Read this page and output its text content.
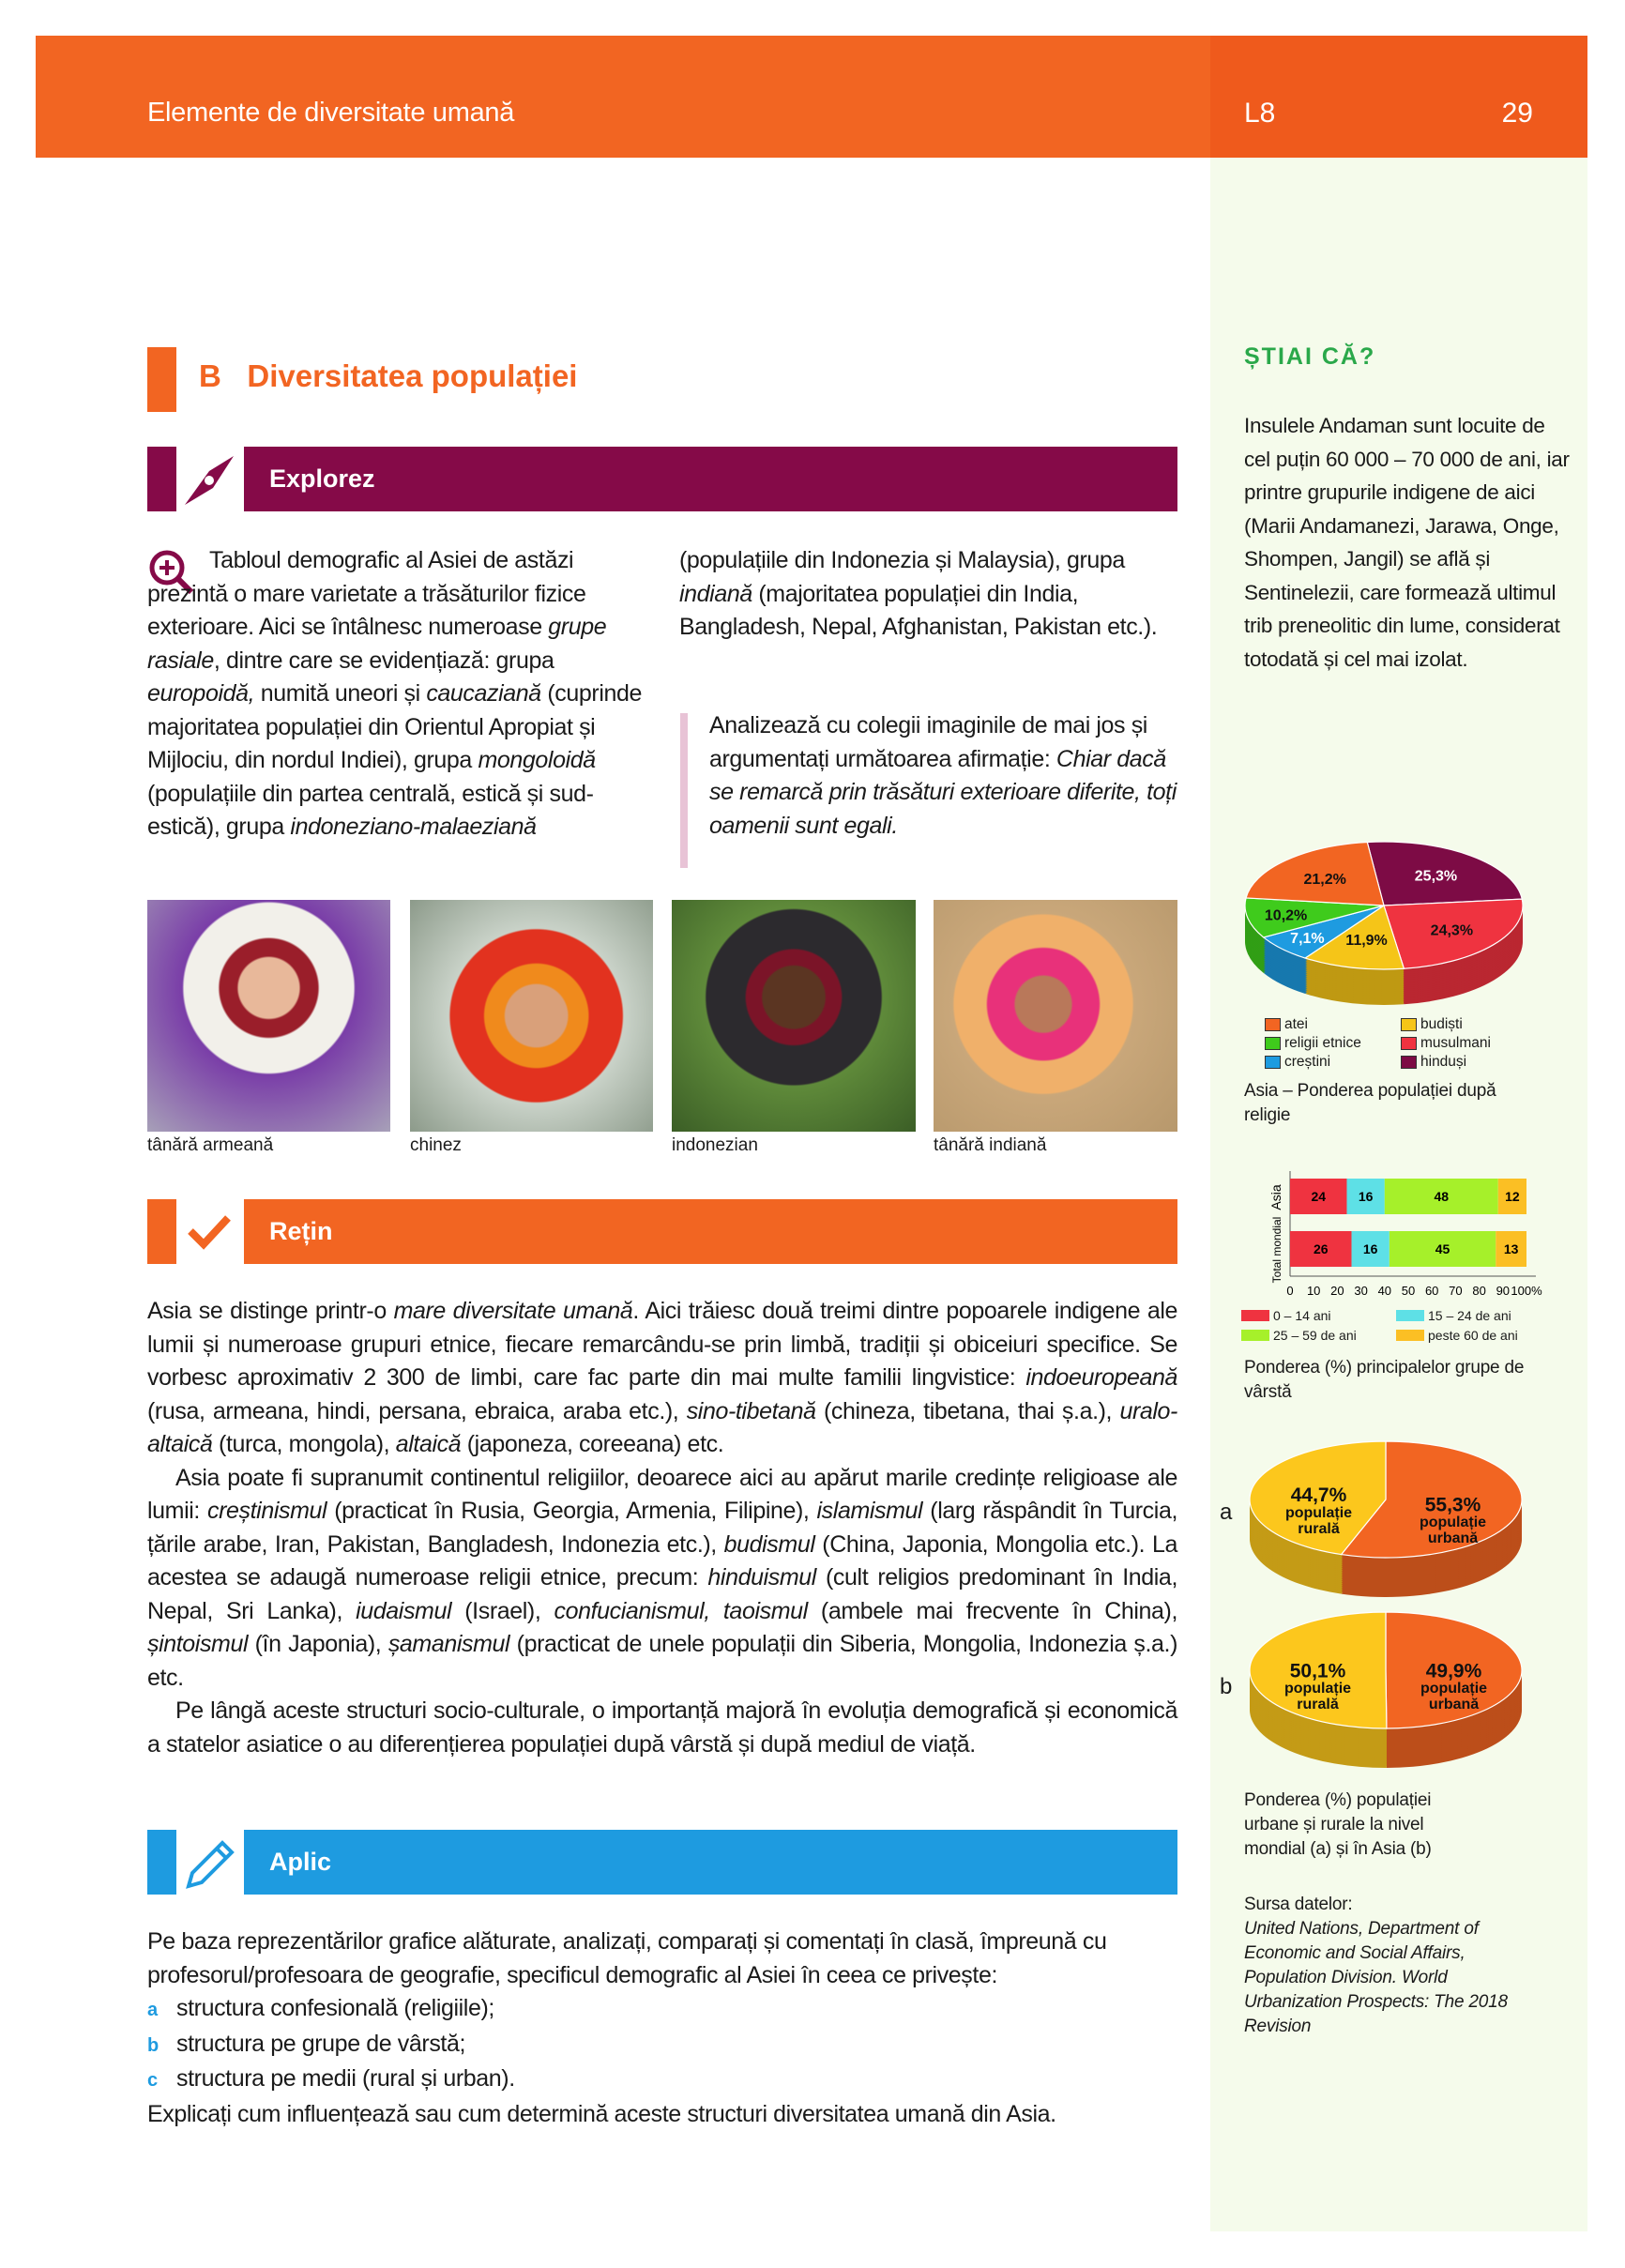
Elemente de diversitate umană	L8	29
B Diversitatea populației
Explorez
Tabloul demografic al Asiei de astăzi prezintă o mare varietate a trăsăturilor fizice exterioare. Aici se întâlnesc numeroase grupe rasiale, dintre care se evidențiază: grupa europoidă, numită uneori și caucaziană (cuprinde majoritatea populației din Orientul Apropiat și Mijlociu, din nordul Indiei), grupa mongoloidă (populațiile din partea centrală, estică și sud-estică), grupa indoneziano-malaeziană
(populațiile din Indonezia și Malaysia), grupa indiană (majoritatea populației din India, Bangladesh, Nepal, Afghanistan, Pakistan etc.).
Analizează cu colegii imaginile de mai jos și argumentați următoarea afirmație: Chiar dacă se remarcă prin trăsături exterioare diferite, toți oamenii sunt egali.
tânără armeană	chinez	indonezian	tânără indiană
Rețin

Asia se distinge printr-o mare diversitate umană. Aici trăiesc două treimi dintre popoarele indigene ale lumii și numeroase grupuri etnice, fiecare remarcându-se prin limbă, tradiții și obiceiuri specifice. Se vorbesc aproximativ 2 300 de limbi, care fac parte din mai multe familii lingvistice: indoeuropeană (rusa, armeana, hindi, persana, ebraica, araba etc.), sino-tibetană (chineza, tibetana, thai ș.a.), uralo-altaică (turca, mongola), altaică (japoneza, coreeana) etc.

Asia poate fi supranumit continentul religiilor, deoarece aici au apărut marile credințe religioase ale lumii: creștinismul (practicat în Rusia, Georgia, Armenia, Filipine), islamismul (larg răspândit în Turcia, țările arabe, Iran, Pakistan, Bangladesh, Indonezia etc.), budismul (China, Japonia, Mongolia etc.). La acestea se adaugă numeroase religii etnice, precum: hinduismul (cult religios predominant în India, Nepal, Sri Lanka), iudaismul (Israel), confucianismul, taoismul (ambele mai frecvente în China), șintoismul (în Japonia), șamanismul (practicat de unele populații din Siberia, Mongolia, Indonezia ș.a.) etc.

Pe lângă aceste structuri socio-culturale, o importanță majoră în evoluția demografică și economică a statelor asiatice o au diferențierea populației după vârstă și după mediul de viață.

Aplic

Pe baza reprezentărilor grafice alăturate, analizați, comparați și comentați în clasă, împreună cu profesorul/profesoara de geografie, specificul demografic al Asiei în ceea ce privește:

a structura confesională (religiile);

b structura pe grupe de vârstă;

c structura pe medii (rural și urban).

Explicați cum influențează sau cum determină aceste structuri diversitatea umană din Asia.

ȘTIAI CĂ?
Insulele Andaman sunt locuite de cel puțin 60 000 – 70 000 de ani, iar printre grupurile indigene de aici (Marii Andamanezi, Jarawa, Onge, Shompen, Jangil) se află și Sentinelezii, care formează ultimul trib preneolitic din lume, considerat totodată și cel mai izolat.
25,3%
24,3%
11,9%
7,1%
10,2%
21,2%
atei	budiști
religii etnice	musulmani
creștini	hinduși
Asia – Ponderea populației după religie
Asia 24 16	48	12
Total mondial 26	16	45	13
0 10 20 30 40 50 60 70 80 90 100%
0 – 14 ani	15 – 24 de ani
25 – 59 de ani	peste 60 de ani
Ponderea (%) principalelor grupe de vârstă
a
b
55,3%
44,7%
populație
urbană
populație
rurală
49,9%
50,1%
populație
urbană
populație
rurală
Ponderea (%) populației urbane și rurale la nivel mondial (a) și în Asia (b)
Sursa datelor:
United Nations, Department of Economic and Social Affairs, Population Division. World Urbanization Prospects: The 2018 Revision
